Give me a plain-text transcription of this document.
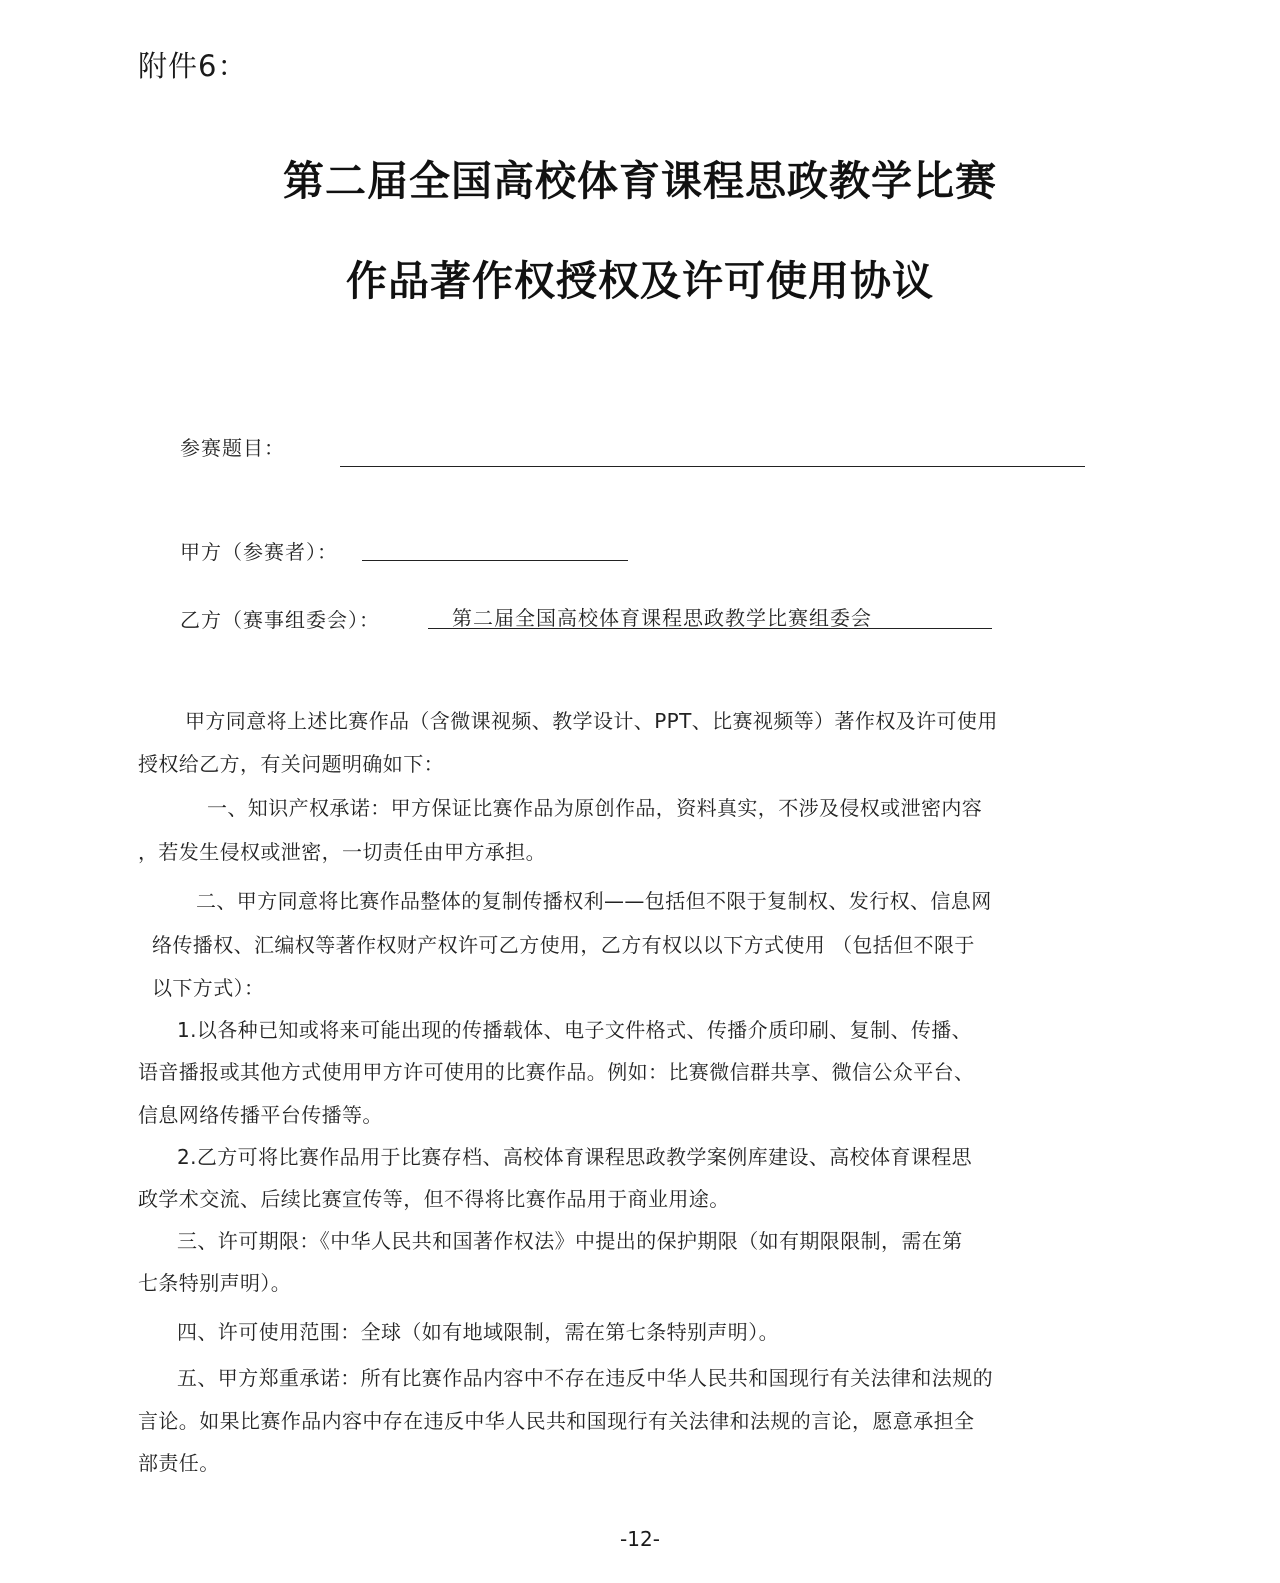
附件6：
第二届全国高校体育课程思政教学比赛
作品著作权授权及许可使用协议
参赛题目：
甲方（参赛者）：
乙方（赛事组委会）：	第二届全国高校体育课程思政教学比赛组委会
甲方同意将上述比赛作品（含微课视频、教学设计、PPT、比赛视频等）著作权及许可使用
授权给乙方，有关问题明确如下：
一、知识产权承诺：甲方保证比赛作品为原创作品，资料真实，不涉及侵权或泄密内容
，若发生侵权或泄密，一切责任由甲方承担。
二、甲方同意将比赛作品整体的复制传播权利——包括但不限于复制权、发行权、信息网
络传播权、汇编权等著作权财产权许可乙方使用，乙方有权以以下方式使用 （包括但不限于
以下方式）：
1.以各种已知或将来可能出现的传播载体、电子文件格式、传播介质印刷、复制、传播、
语音播报或其他方式使用甲方许可使用的比赛作品。例如：比赛微信群共享、微信公众平台、
信息网络传播平台传播等。
2.乙方可将比赛作品用于比赛存档、高校体育课程思政教学案例库建设、高校体育课程思
政学术交流、后续比赛宣传等，但不得将比赛作品用于商业用途。
三、许可期限：《中华人民共和国著作权法》中提出的保护期限（如有期限限制，需在第
七条特别声明）。
四、许可使用范围：全球（如有地域限制，需在第七条特别声明）。
五、甲方郑重承诺：所有比赛作品内容中不存在违反中华人民共和国现行有关法律和法规的
言论。如果比赛作品内容中存在违反中华人民共和国现行有关法律和法规的言论，愿意承担全
部责任。
-12-
